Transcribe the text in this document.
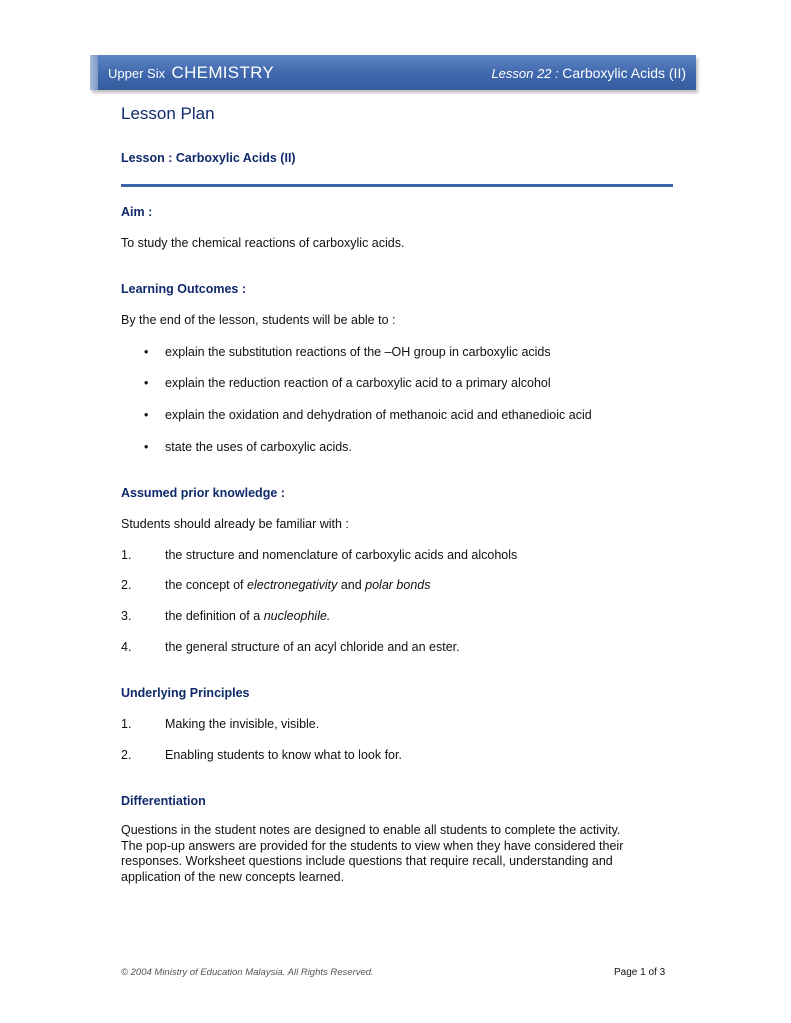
Upper Six CHEMISTRY	Lesson 22 : Carboxylic Acids (II)
Lesson Plan
Lesson : Carboxylic Acids (II)
Aim :
To study the chemical reactions of carboxylic acids.
Learning Outcomes :
By the end of the lesson, students will be able to :
• explain the substitution reactions of the –OH group in carboxylic acids
• explain the reduction reaction of a carboxylic acid to a primary alcohol
• explain the oxidation and dehydration of methanoic acid and ethanedioic acid
• state the uses of carboxylic acids.
Assumed prior knowledge :
Students should already be familiar with :
1.	the structure and nomenclature of carboxylic acids and alcohols
2.	the concept of electronegativity and polar bonds
3.	the definition of a nucleophile.
4.	the general structure of an acyl chloride and an ester.
Underlying Principles
1.	Making the invisible, visible.
2.	Enabling students to know what to look for.
Differentiation
Questions in the student notes are designed to enable all students to complete the activity.
The pop-up answers are provided for the students to view when they have considered their
responses. Worksheet questions include questions that require recall, understanding and
application of the new concepts learned.
© 2004 Ministry of Education Malaysia. All Rights Reserved.	Page 1 of 3
